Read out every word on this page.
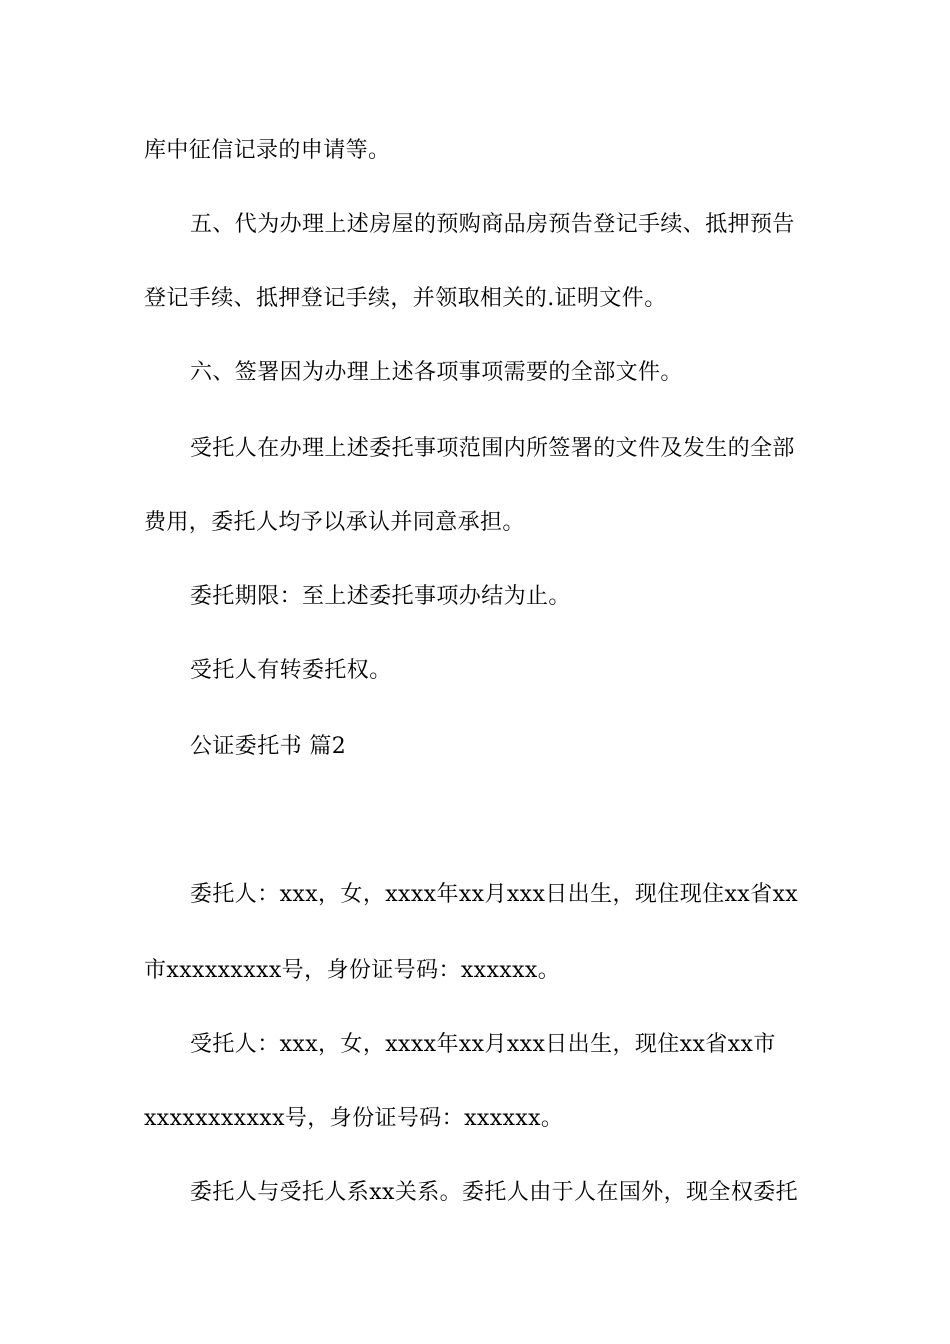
库中征信记录的申请等。
五、代为办理上述房屋的预购商品房预告登记手续、抵押预告
登记手续、抵押登记手续，并领取相关的.证明文件。
六、签署因为办理上述各项事项需要的全部文件。
受托人在办理上述委托事项范围内所签署的文件及发生的全部
费用，委托人均予以承认并同意承担。
委托期限：至上述委托事项办结为止。
受托人有转委托权。
公证委托书 篇2
委托人：xxx，女，xxxx年xx月xxx日出生，现住现住xx省xx
市xxxxxxxxx号，身份证号码：xxxxxx。
受托人：xxx，女，xxxx年xx月xxx日出生，现住xx省xx市
xxxxxxxxxxx号，身份证号码：xxxxxx。
委托人与受托人系xx关系。委托人由于人在国外，现全权委托
